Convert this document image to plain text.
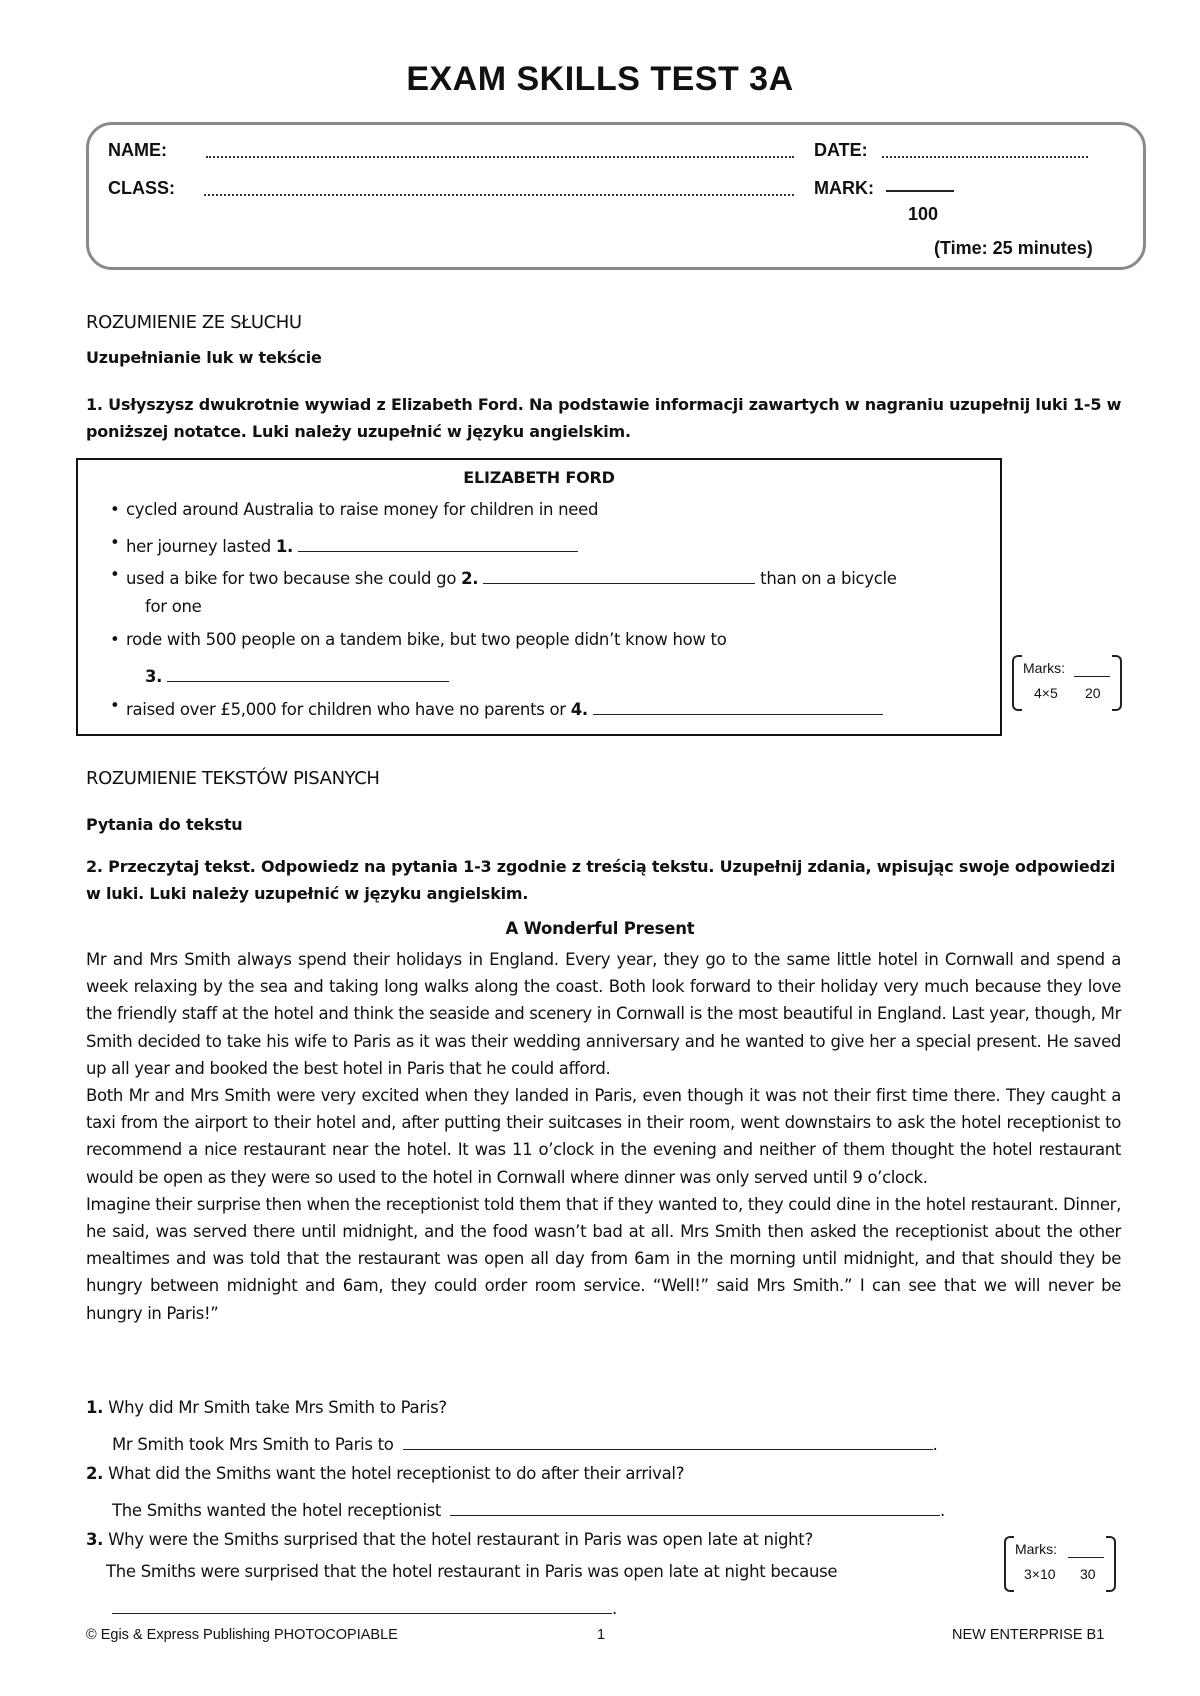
EXAM SKILLS TEST 3A
NAME:
CLASS:
DATE:
MARK:
100
(Time: 25 minutes)
ROZUMIENIE ZE SŁUCHU
Uzupełnianie luk w tekście
1. Usłyszysz dwukrotnie wywiad z Elizabeth Ford. Na podstawie informacji zawartych w nagraniu uzupełnij luki 1-5 w poniższej notatce. Luki należy uzupełnić w języku angielskim.
ELIZABETH FORD
• cycled around Australia to raise money for children in need
• her journey lasted 1.
• used a bike for two because she could go 2.	than on a bicycle
for one
• rode with 500 people on a tandem bike, but two people didn’t know how to
3.
• raised over £5,000 for children who have no parents or 4.
Marks:
4×5 20
ROZUMIENIE TEKSTÓW PISANYCH
Pytania do tekstu
2. Przeczytaj tekst. Odpowiedz na pytania 1-3 zgodnie z treścią tekstu. Uzupełnij zdania, wpisując swoje odpowiedzi w luki. Luki należy uzupełnić w języku angielskim.
A Wonderful Present

Mr and Mrs Smith always spend their holidays in England. Every year, they go to the same little hotel in Cornwall and spend a week relaxing by the sea and taking long walks along the coast. Both look forward to their holiday very much because they love the friendly staff at the hotel and think the seaside and scenery in Cornwall is the most beautiful in England. Last year, though, Mr Smith decided to take his wife to Paris as it was their wedding anniversary and he wanted to give her a special present. He saved up all year and booked the best hotel in Paris that he could afford.

Both Mr and Mrs Smith were very excited when they landed in Paris, even though it was not their first time there. They caught a taxi from the airport to their hotel and, after putting their suitcases in their room, went downstairs to ask the hotel receptionist to recommend a nice restaurant near the hotel. It was 11 o’clock in the evening and neither of them thought the hotel restaurant would be open as they were so used to the hotel in Cornwall where dinner was only served until 9 o’clock.

Imagine their surprise then when the receptionist told them that if they wanted to, they could dine in the hotel restaurant. Dinner, he said, was served there until midnight, and the food wasn’t bad at all. Mrs Smith then asked the receptionist about the other mealtimes and was told that the restaurant was open all day from 6am in the morning until midnight, and that should they be hungry between midnight and 6am, they could order room service. “Well!” said Mrs Smith.” I can see that we will never be hungry in Paris!”

1. Why did Mr Smith take Mrs Smith to Paris?
Mr Smith took Mrs Smith to Paris to	.
2. What did the Smiths want the hotel receptionist to do after their arrival?
The Smiths wanted the hotel receptionist	.
3. Why were the Smiths surprised that the hotel restaurant in Paris was open late at night?
The Smiths were surprised that the hotel restaurant in Paris was open late at night because
.
Marks:
3×10 30
© Egis & Express Publishing PHOTOCOPIABLE	1	NEW ENTERPRISE B1
